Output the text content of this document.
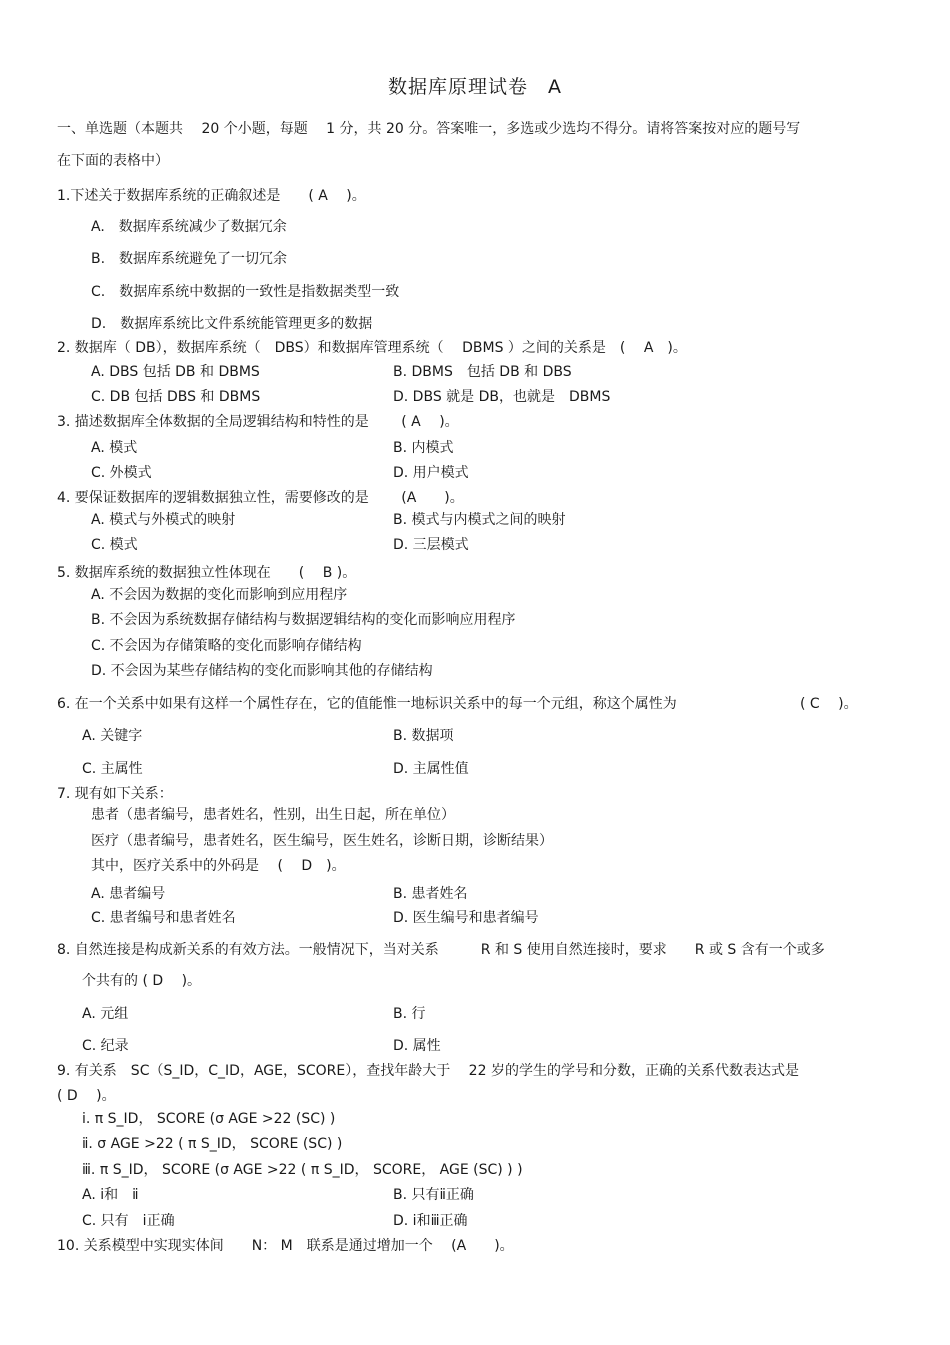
数据库原理试卷　A
一、单选题（本题共　 20 个小题，每题　 1 分，共 20 分。答案唯一，多选或少选均不得分。请将答案按对应的题号写
在下面的表格中）
1.下述关于数据库系统的正确叙述是　　( A　 )。
A.　数据库系统减少了数据冗余
B.　数据库系统避免了一切冗余
C.　数据库系统中数据的一致性是指数据类型一致
D.　数据库系统比文件系统能管理更多的数据
2. 数据库（ DB），数据库系统（　DBS）和数据库管理系统（　 DBMS ）之间的关系是　(　 A　)。
A. DBS 包括 DB 和 DBMS	B. DBMS　包括 DB 和 DBS
C. DB 包括 DBS 和 DBMS	D. DBS 就是 DB，也就是　DBMS
3. 描述数据库全体数据的全局逻辑结构和特性的是　　 ( A　 )。
A. 模式	B. 内模式
C. 外模式	D. 用户模式
4. 要保证数据库的逻辑数据独立性，需要修改的是　　 (A　　)。
A. 模式与外模式的映射	B. 模式与内模式之间的映射
C. 模式	D. 三层模式
5. 数据库系统的数据独立性体现在　　(　 B )。
A. 不会因为数据的变化而影响到应用程序
B. 不会因为系统数据存储结构与数据逻辑结构的变化而影响应用程序
C. 不会因为存储策略的变化而影响存储结构
D. 不会因为某些存储结构的变化而影响其他的存储结构
6. 在一个关系中如果有这样一个属性存在，它的值能惟一地标识关系中的每一个元组，称这个属性为	( C　 )。
A. 关键字	B. 数据项
C. 主属性	D. 主属性值
7. 现有如下关系：
患者（患者编号，患者姓名，性别，出生日起，所在单位）
医疗（患者编号，患者姓名，医生编号，医生姓名，诊断日期，诊断结果）
其中，医疗关系中的外码是　 (　 D　)。
A. 患者编号	B. 患者姓名
C. 患者编号和患者姓名	D. 医生编号和患者编号
8. 自然连接是构成新关系的有效方法。一般情况下，当对关系　　　R 和 S 使用自然连接时，要求　　R 或 S 含有一个或多
个共有的 ( D　 )。
A. 元组	B. 行
C. 纪录	D. 属性
9. 有关系　SC（S_ID，C_ID，AGE，SCORE），查找年龄大于　 22 岁的学生的学号和分数，正确的关系代数表达式是
( D　 )。
ⅰ. π S_ID， SCORE (σ AGE >22 (SC) )
ⅱ. σ AGE >22 ( π S_ID， SCORE (SC) )
ⅲ. π S_ID， SCORE (σ AGE >22 ( π S_ID， SCORE， AGE (SC) ) )
A. ⅰ和　ⅱ	B. 只有ⅱ正确
C. 只有　ⅰ正确	D. ⅰ和ⅲ正确
10. 关系模型中实现实体间　　N： M　联系是通过增加一个　 (A　　)。
